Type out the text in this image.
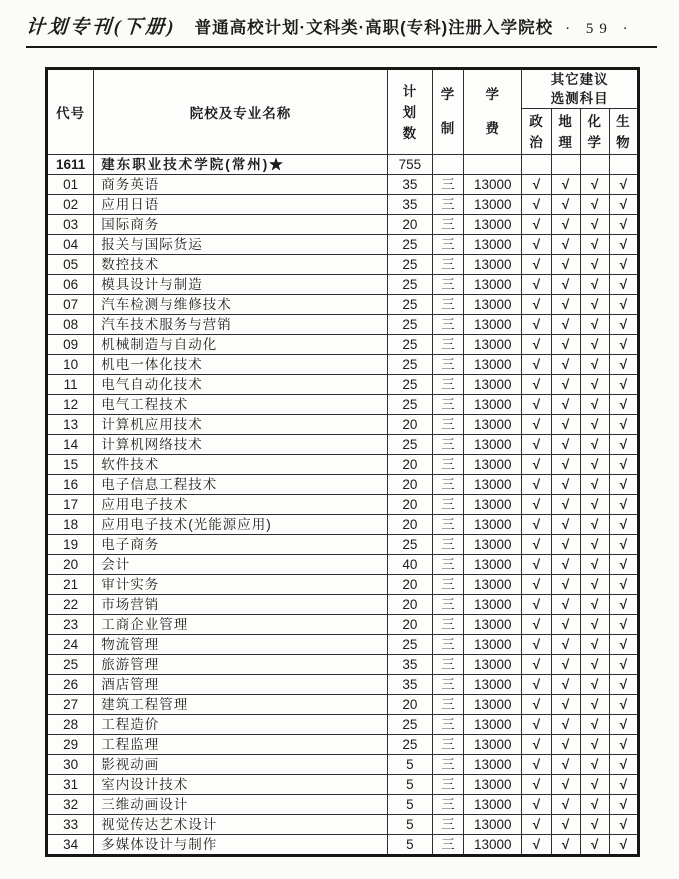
计划专刊(下册) 普通高校计划·文科类·高职(专科)注册入学院校 · 59 ·
代号	院校及专业名称	计划数	学制	学费	其它建议
选测科目			

					政治	地理	化学	生物

1611	建东职业技术学院(常州)★	755						
01	商务英语	35	三	13000	√	√	√	√
02	应用日语	35	三	13000	√	√	√	√
03	国际商务	20	三	13000	√	√	√	√
04	报关与国际货运	25	三	13000	√	√	√	√
05	数控技术	25	三	13000	√	√	√	√
06	模具设计与制造	25	三	13000	√	√	√	√
07	汽车检测与维修技术	25	三	13000	√	√	√	√
08	汽车技术服务与营销	25	三	13000	√	√	√	√
09	机械制造与自动化	25	三	13000	√	√	√	√
10	机电一体化技术	25	三	13000	√	√	√	√
11	电气自动化技术	25	三	13000	√	√	√	√
12	电气工程技术	25	三	13000	√	√	√	√
13	计算机应用技术	20	三	13000	√	√	√	√
14	计算机网络技术	25	三	13000	√	√	√	√
15	软件技术	20	三	13000	√	√	√	√
16	电子信息工程技术	20	三	13000	√	√	√	√
17	应用电子技术	20	三	13000	√	√	√	√
18	应用电子技术(光能源应用)	20	三	13000	√	√	√	√
19	电子商务	25	三	13000	√	√	√	√
20	会计	40	三	13000	√	√	√	√
21	审计实务	20	三	13000	√	√	√	√
22	市场营销	20	三	13000	√	√	√	√
23	工商企业管理	20	三	13000	√	√	√	√
24	物流管理	25	三	13000	√	√	√	√
25	旅游管理	35	三	13000	√	√	√	√
26	酒店管理	35	三	13000	√	√	√	√
27	建筑工程管理	20	三	13000	√	√	√	√
28	工程造价	25	三	13000	√	√	√	√
29	工程监理	25	三	13000	√	√	√	√
30	影视动画	5	三	13000	√	√	√	√
31	室内设计技术	5	三	13000	√	√	√	√
32	三维动画设计	5	三	13000	√	√	√	√
33	视觉传达艺术设计	5	三	13000	√	√	√	√
34	多媒体设计与制作	5	三	13000	√	√	√	√
